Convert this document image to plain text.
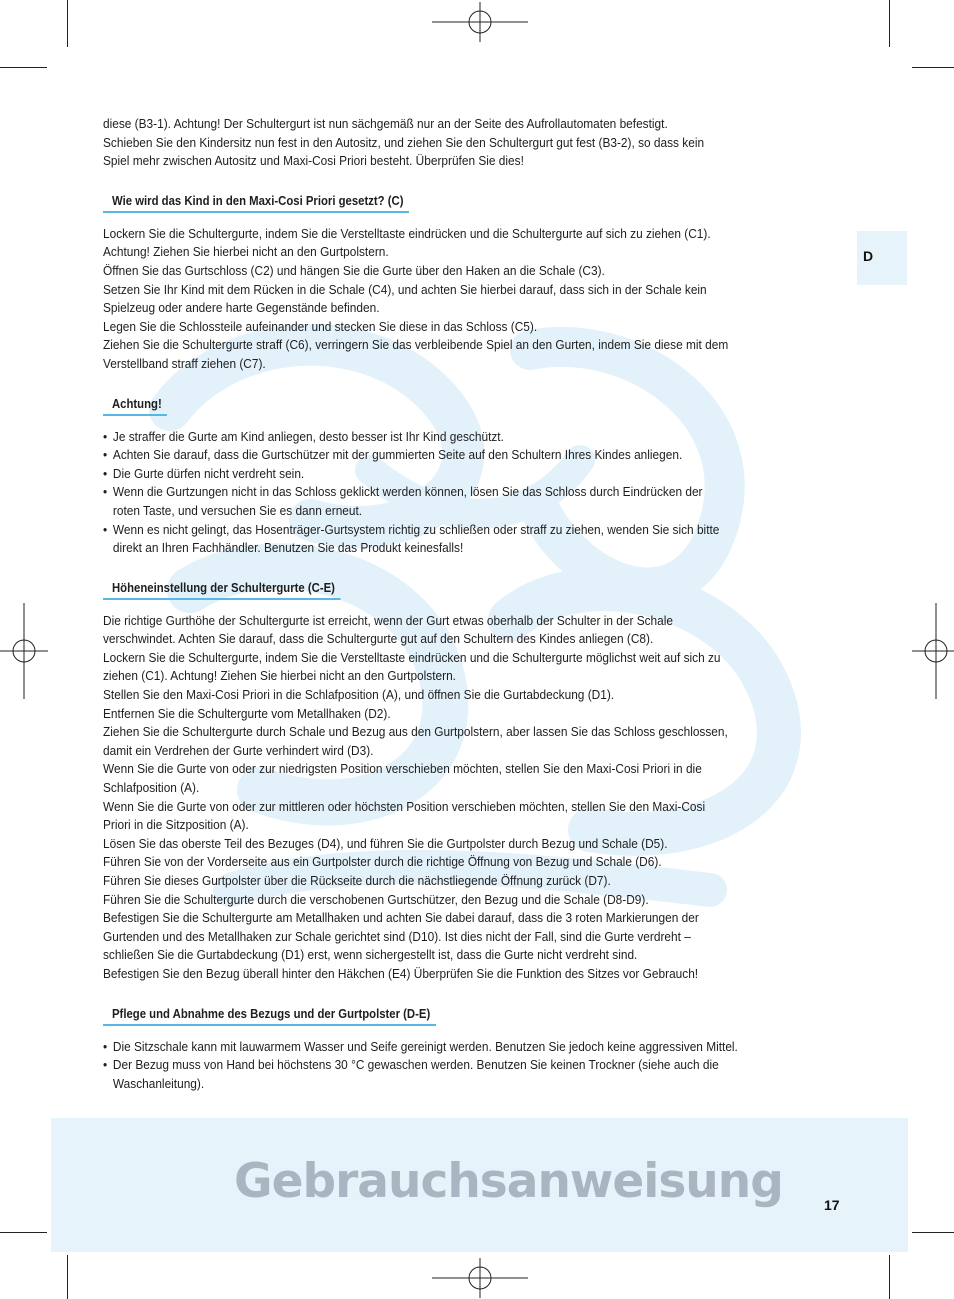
D

diese (B3-1). Achtung! Der Schultergurt ist nun sächgemäß nur an der Seite des Aufrollautomaten befestigt.

Schieben Sie den Kindersitz nun fest in den Autositz, und ziehen Sie den Schultergurt gut fest (B3-2), so dass kein

Spiel mehr zwischen Autositz und Maxi-Cosi Priori besteht. Überprüfen Sie dies!

Wie wird das Kind in den Maxi-Cosi Priori gesetzt? (C)

Lockern Sie die Schultergurte, indem Sie die Verstelltaste eindrücken und die Schultergurte auf sich zu ziehen (C1).

Achtung! Ziehen Sie hierbei nicht an den Gurtpolstern.

Öffnen Sie das Gurtschloss (C2) und hängen Sie die Gurte über den Haken an die Schale (C3).

Setzen Sie Ihr Kind mit dem Rücken in die Schale (C4), und achten Sie hierbei darauf, dass sich in der Schale kein

Spielzeug oder andere harte Gegenstände befinden.

Legen Sie die Schlossteile aufeinander und stecken Sie diese in das Schloss (C5).

Ziehen Sie die Schultergurte straff (C6), verringern Sie das verbleibende Spiel an den Gurten, indem Sie diese mit dem

Verstellband straff ziehen (C7).

Achtung!

• Je straffer die Gurte am Kind anliegen, desto besser ist Ihr Kind geschützt.

• Achten Sie darauf, dass die Gurtschützer mit der gummierten Seite auf den Schultern Ihres Kindes anliegen.

• Die Gurte dürfen nicht verdreht sein.

• Wenn die Gurtzungen nicht in das Schloss geklickt werden können, lösen Sie das Schloss durch Eindrücken der

roten Taste, und versuchen Sie es dann erneut.

• Wenn es nicht gelingt, das Hosenträger-Gurtsystem richtig zu schließen oder straff zu ziehen, wenden Sie sich bitte

direkt an Ihren Fachhändler. Benutzen Sie das Produkt keinesfalls!

Höheneinstellung der Schultergurte (C-E)

Die richtige Gurthöhe der Schultergurte ist erreicht, wenn der Gurt etwas oberhalb der Schulter in der Schale

verschwindet. Achten Sie darauf, dass die Schultergurte gut auf den Schultern des Kindes anliegen (C8).

Lockern Sie die Schultergurte, indem Sie die Verstelltaste eindrücken und die Schultergurte möglichst weit auf sich zu

ziehen (C1). Achtung! Ziehen Sie hierbei nicht an den Gurtpolstern.

Stellen Sie den Maxi-Cosi Priori in die Schlafposition (A), und öffnen Sie die Gurtabdeckung (D1).

Entfernen Sie die Schultergurte vom Metallhaken (D2).

Ziehen Sie die Schultergurte durch Schale und Bezug aus den Gurtpolstern, aber lassen Sie das Schloss geschlossen,

damit ein Verdrehen der Gurte verhindert wird (D3).

Wenn Sie die Gurte von oder zur niedrigsten Position verschieben möchten, stellen Sie den Maxi-Cosi Priori in die

Schlafposition (A).

Wenn Sie die Gurte von oder zur mittleren oder höchsten Position verschieben möchten, stellen Sie den Maxi-Cosi

Priori in die Sitzposition (A).

Lösen Sie das oberste Teil des Bezuges (D4), und führen Sie die Gurtpolster durch Bezug und Schale (D5).

Führen Sie von der Vorderseite aus ein Gurtpolster durch die richtige Öffnung von Bezug und Schale (D6).

Führen Sie dieses Gurtpolster über die Rückseite durch die nächstliegende Öffnung zurück (D7).

Führen Sie die Schultergurte durch die verschobenen Gurtschützer, den Bezug und die Schale (D8-D9).

Befestigen Sie die Schultergurte am Metallhaken und achten Sie dabei darauf, dass die 3 roten Markierungen der

Gurtenden und des Metallhaken zur Schale gerichtet sind (D10). Ist dies nicht der Fall, sind die Gurte verdreht –

schließen Sie die Gurtabdeckung (D1) erst, wenn sichergestellt ist, dass die Gurte nicht verdreht sind.

Befestigen Sie den Bezug überall hinter den Häkchen (E4) Überprüfen Sie die Funktion des Sitzes vor Gebrauch!

Pflege und Abnahme des Bezugs und der Gurtpolster (D-E)

• Die Sitzschale kann mit lauwarmem Wasser und Seife gereinigt werden. Benutzen Sie jedoch keine aggressiven Mittel.

• Der Bezug muss von Hand bei höchstens 30 °C gewaschen werden. Benutzen Sie keinen Trockner (siehe auch die

Waschanleitung).

Gebrauchsanweisung	17
